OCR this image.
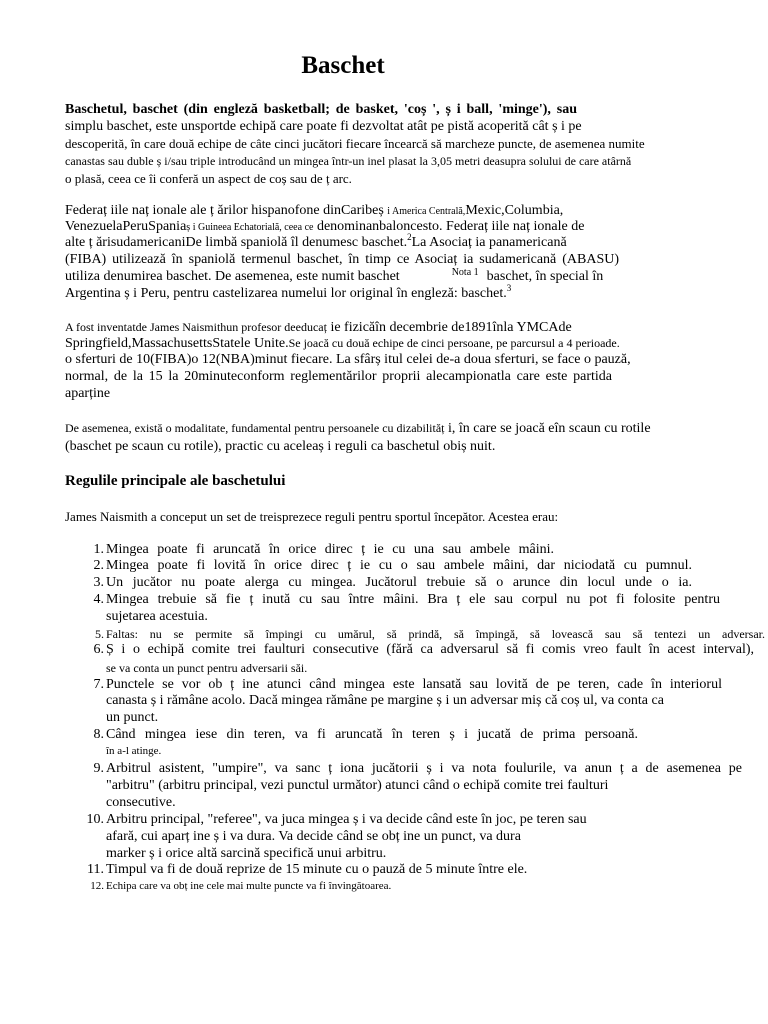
Baschet
Baschetul, baschet (din engleză basketball; de basket, 'coș ', ș i ball, 'minge'), sau
simplu baschet, este unsportde echipă care poate fi dezvoltat atât pe pistă acoperită cât ș i pe
descoperită, în care două echipe de câte cinci jucători fiecare încearcă să marcheze puncte, de asemenea numite
canastas sau duble ș i/sau triple introducând un mingea într-un inel plasat la 3,05 metri deasupra solului de care atârnă
o plasă, ceea ce îi conferă un aspect de coș sau de ț arc.
Federaț iile naț ionale ale ț ărilor hispanofone dinCaribeș i America Centrală,Mexic,Columbia,
VenezuelaPeruSpaniaș i Guineea Echatorială, ceea ce denominanbaloncesto. Federaț iile naț ionale de
alte ț ărisudamericaniDe limbă spaniolă îl denumesc baschet.$^2$La Asociaț ia panamericană
(FIBA) utilizează în spaniolă termenul baschet, în timp ce Asociaț ia sudamericană (ABASU)
utiliza denumirea baschet. De asemenea, este numit baschet	$^{Nota 1}$ baschet, în special în
Argentina ș i Peru, pentru castelizarea numelui lor original în engleză: baschet.$^3$
A fost inventatde James Naismithun profesor deeducaț ie fizicăîn decembrie de1891înla YMCAde
Springfield,MassachusettsStatele Unite.Se joacă cu două echipe de cinci persoane, pe parcursul a 4 perioade.
o sferturi de 10(FIBA)o 12(NBA)minut fiecare. La sfârș itul celei de-a doua sferturi, se face o pauză,
normal, de la 15 la 20minuteconform reglementărilor proprii alecampionatla care este partida
aparține
De asemenea, există o modalitate, fundamental pentru persoanele cu dizabilităț i, în care se joacă eîn scaun cu rotile
(baschet pe scaun cu rotile), practic cu aceleaș i reguli ca baschetul obiș nuit.
Regulile principale ale baschetului
James Naismith a conceput un set de treisprezece reguli pentru sportul începător. Acestea erau:
1. Mingea poate fi aruncată în orice direc ț ie cu una sau ambele mâini.
2. Mingea poate fi lovită în orice direc ț ie cu o sau ambele mâini, dar niciodată cu pumnul.
3. Un jucător nu poate alerga cu mingea. Jucătorul trebuie să o arunce din locul unde o ia.
4. Mingea trebuie să fie ț inută cu sau între mâini. Bra ț ele sau corpul nu pot fi folosite pentru
sujetarea acestuia.
5. Faltas: nu se permite să împingi cu umărul, să prindă, să împingă, să lovească sau să tentezi un adversar.
6. Ș i o echipă comite trei faulturi consecutive (fără ca adversarul să fi comis vreo fault în acest interval),
se va conta un punct pentru adversarii săi.
7. Punctele se vor ob ț ine atunci când mingea este lansată sau lovită de pe teren, cade în interiorul
canasta ș i rămâne acolo. Dacă mingea rămâne pe margine ș i un adversar miș că coș ul, va conta ca
un punct.
8. Când mingea iese din teren, va fi aruncată în teren ș i jucată de prima persoană.
în a-l atinge.
9. Arbitrul asistent, "umpire", va sanc ț iona jucătorii ș i va nota foulurile, va anun ț a de asemenea pe
"arbitru" (arbitru principal, vezi punctul următor) atunci când o echipă comite trei faulturi
consecutive.
10. Arbitru principal, "referee", va juca mingea ș i va decide când este în joc, pe teren sau
afară, cui aparț ine ș i va dura. Va decide când se obț ine un punct, va dura
marker ș i orice altă sarcină specifică unui arbitru.
11. Timpul va fi de două reprize de 15 minute cu o pauză de 5 minute între ele.
12. Echipa care va obț ine cele mai multe puncte va fi învingătoarea.
